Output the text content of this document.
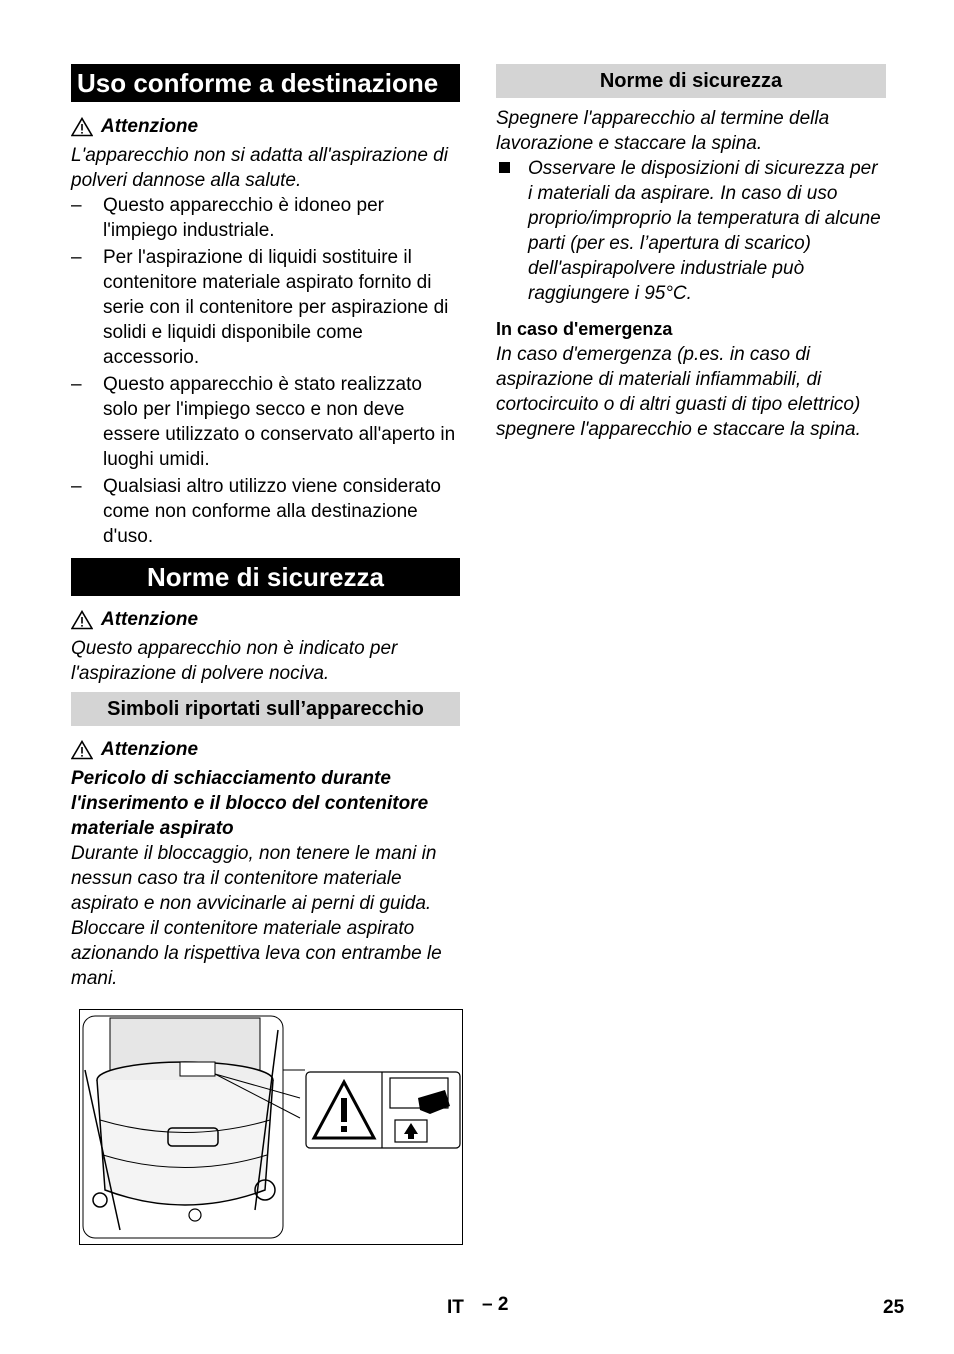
Uso conforme a destinazione
Attenzione
L'apparecchio non si adatta all'aspirazione di polveri dannose alla salute.
– Questo apparecchio è idoneo per l'impiego industriale.
– Per l'aspirazione di liquidi sostituire il contenitore materiale aspirato fornito di serie con il contenitore per aspirazione di solidi e liquidi disponibile come accessorio.
– Questo apparecchio è stato realizzato solo per l'impiego secco e non deve essere utilizzato o conservato all'aperto in luoghi umidi.
– Qualsiasi altro utilizzo viene considerato come non conforme alla destinazione d'uso.
Norme di sicurezza
Attenzione
Questo apparecchio non è indicato per l'aspirazione di polvere nociva.
Simboli riportati sull’apparecchio
Attenzione
Pericolo di schiacciamento durante l'inserimento e il blocco del contenitore materiale aspirato
Durante il bloccaggio, non tenere le mani in nessun caso tra il contenitore materiale aspirato e non avvicinarle ai perni di guida. Bloccare il contenitore materiale aspirato azionando la rispettiva leva con entrambe le mani.
Norme di sicurezza
Spegnere l'apparecchio al termine della lavorazione e staccare la spina.
Osservare le disposizioni di sicurezza per i materiali da aspirare. In caso di uso proprio/improprio la temperatura di alcune parti (per es. l’apertura di scarico) dell'aspirapolvere industriale può raggiungere i 95°C.
In caso d'emergenza
In caso d'emergenza (p.es. in caso di aspirazione di materiali infiammabili, di cortocircuito o di altri guasti di tipo elettrico) spegnere l'apparecchio e staccare la spina.
IT – 2	25
